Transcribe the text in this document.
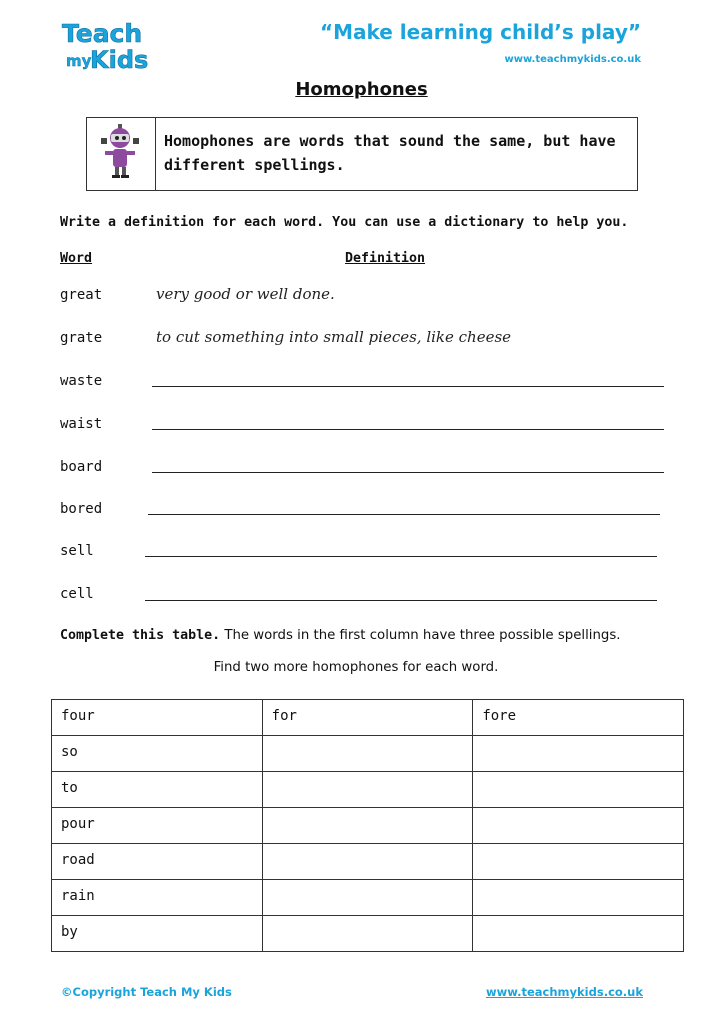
Teach
my
Kids
“Make learning child’s play”
www.teachmykids.co.uk
Homophones
Homophones are words that sound the same, but have different spellings.
Write a definition for each word. You can use a dictionary to help you.
Word	Definition
great	very good or well done.
grate	to cut something into small pieces, like cheese
waste
waist
board
bored
sell
cell
Complete this table. The words in the first column have three possible spellings.
Find two more homophones for each word.
four	for	fore

so		

to		

pour		

road		

rain		

by		

©Copyright Teach My Kids	www.teachmykids.co.uk
